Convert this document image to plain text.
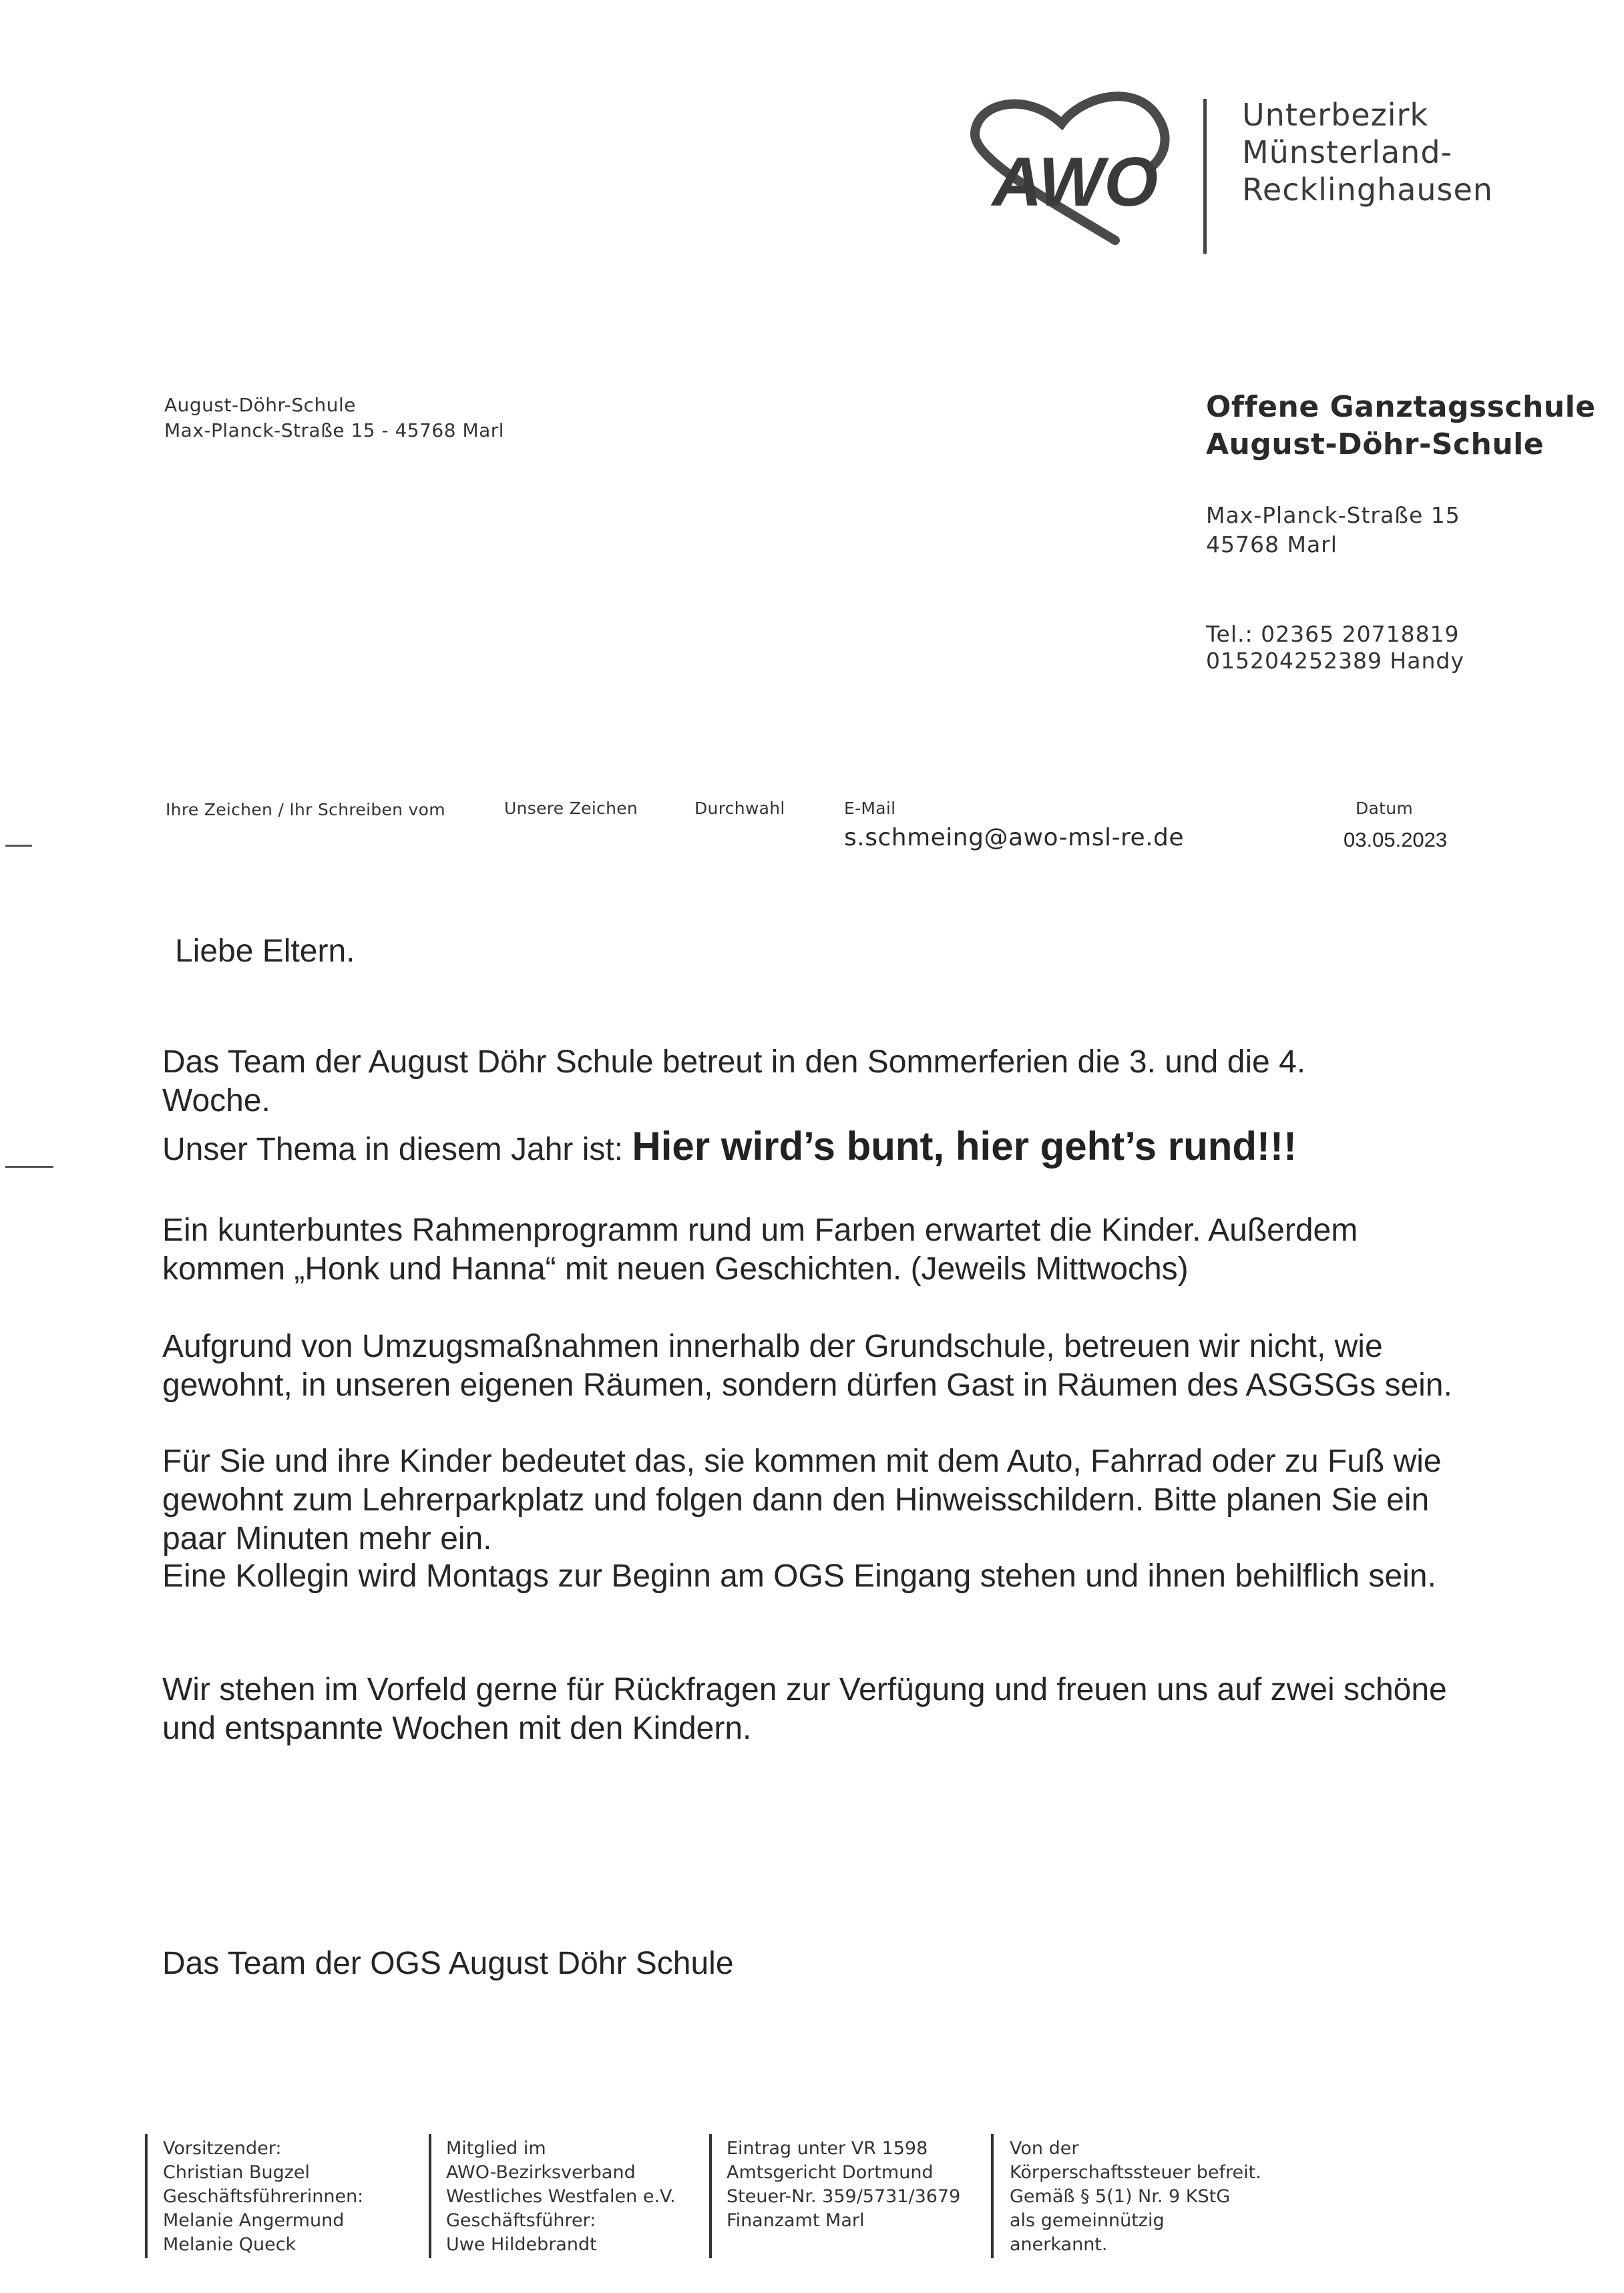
AWO
Unterbezirk
Münsterland-
Recklinghausen
August-Döhr-Schule
Max-Planck-Straße 15 - 45768 Marl
Offene Ganztagsschule
August-Döhr-Schule
Max-Planck-Straße 15
45768 Marl
Tel.: 02365 20718819
015204252389 Handy
Ihre Zeichen / Ihr Schreiben vom	Unsere Zeichen	Durchwahl	E-Mail
s.schmeing@awo-msl-re.de
Datum
03.05.2023
Liebe Eltern.
Das Team der August Döhr Schule betreut in den Sommerferien die 3. und die 4. Woche.
Unser Thema in diesem Jahr ist: Hier wird’s bunt, hier geht’s rund!!!
Ein kunterbuntes Rahmenprogramm rund um Farben erwartet die Kinder. Außerdem kommen „Honk und Hanna“ mit neuen Geschichten. (Jeweils Mittwochs)
Aufgrund von Umzugsmaßnahmen innerhalb der Grundschule, betreuen wir nicht, wie gewohnt, in unseren eigenen Räumen, sondern dürfen Gast in Räumen des ASGSGs sein.
Für Sie und ihre Kinder bedeutet das, sie kommen mit dem Auto, Fahrrad oder zu Fuß wie gewohnt zum Lehrerparkplatz und folgen dann den Hinweisschildern. Bitte planen Sie ein paar Minuten mehr ein.
Eine Kollegin wird Montags zur Beginn am OGS Eingang stehen und ihnen behilflich sein.
Wir stehen im Vorfeld gerne für Rückfragen zur Verfügung und freuen uns auf zwei schöne und entspannte Wochen mit den Kindern.
Das Team der OGS August Döhr Schule
Vorsitzender:
Christian Bugzel
Geschäftsführerinnen:
Melanie Angermund
Melanie Queck
Mitglied im
AWO-Bezirksverband
Westliches Westfalen e.V.
Geschäftsführer:
Uwe Hildebrandt
Eintrag unter VR 1598
Amtsgericht Dortmund
Steuer-Nr. 359/5731/3679
Finanzamt Marl
Von der
Körperschaftssteuer befreit.
Gemäß § 5(1) Nr. 9 KStG
als gemeinnützig
anerkannt.
